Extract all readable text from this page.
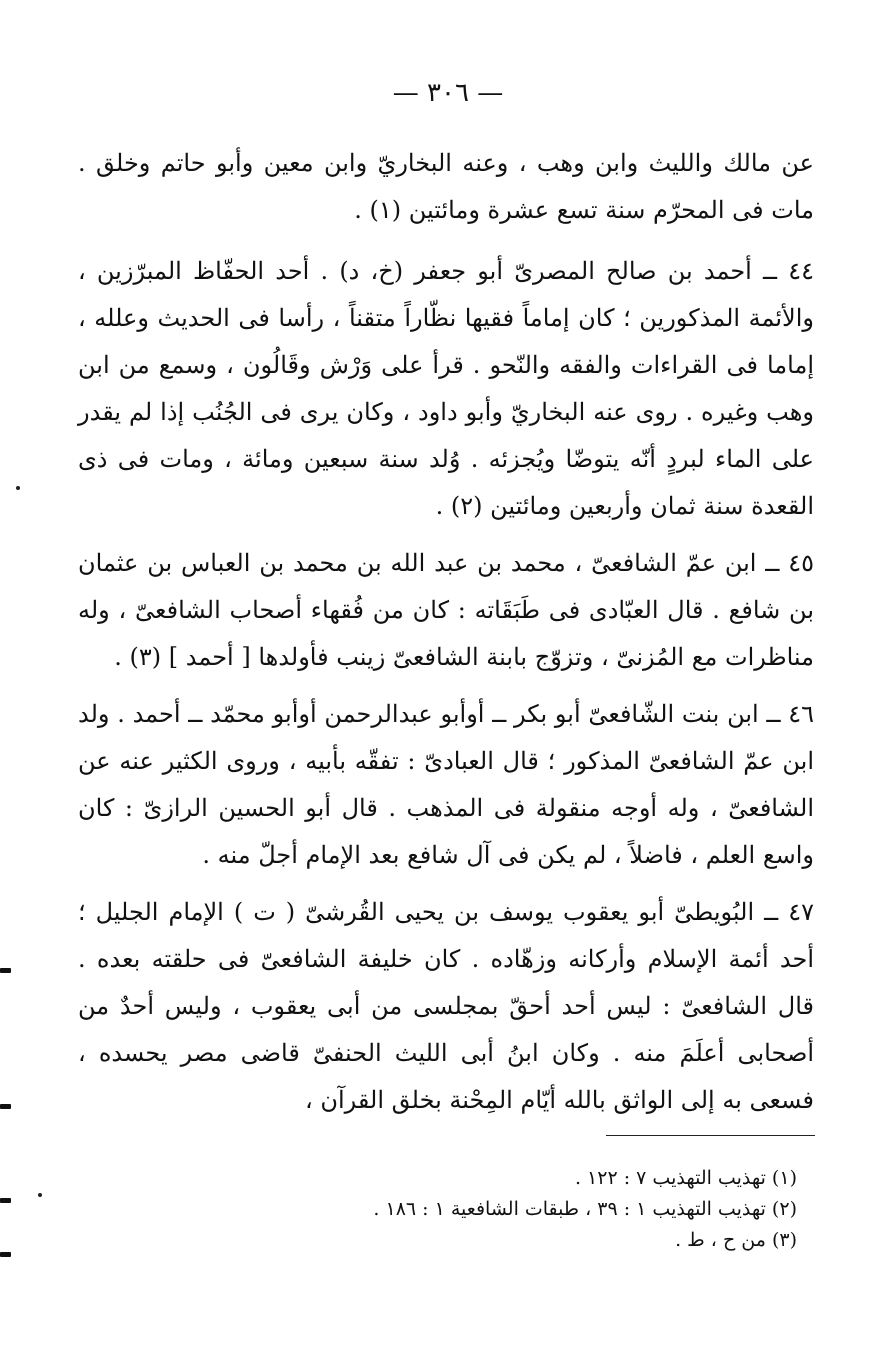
— ٣٠٦ —

عن مالك والليث وابن وهب ، وعنه البخاريّ وابن معين وأبو حاتم وخلق . مات فى المحرّم سنة تسع عشرة ومائتين (١) .

٤٤ ــ أحمد بن صالح المصرىّ أبو جعفر (خ، د) . أحد الحفّاظ المبرّزين ، والأئمة المذكورين ؛ كان إماماً فقيها نظّاراً متقناً ، رأسا فى الحديث وعلله ، إماما فى القراءات والفقه والنّحو . قرأ على وَرْش وقَالُون ، وسمع من ابن وهب وغيره . روى عنه البخاريّ وأبو داود ، وكان يرى فى الجُنُب إذا لم يقدر على الماء لبردٍ أنّه يتوضّا ويُجزئه . وُلد سنة سبعين ومائة ، ومات فى ذى القعدة سنة ثمان وأربعين ومائتين (٢) .

٤٥ ــ ابن عمّ الشافعىّ ، محمد بن عبد الله بن محمد بن العباس بن عثمان بن شافع . قال العبّادى فى طَبَقَاته : كان من فُقهاء أصحاب الشافعىّ ، وله مناظرات مع المُزنىّ ، وتزوّج بابنة الشافعىّ زينب فأولدها [ أحمد ] (٣) .

٤٦ ــ ابن بنت الشّافعىّ أبو بكر ــ أوأبو عبدالرحمن أوأبو محمّد ــ أحمد . ولد ابن عمّ الشافعىّ المذكور ؛ قال العبادىّ : تفقّه بأبيه ، وروى الكثير عنه عن الشافعىّ ، وله أوجه منقولة فى المذهب . قال أبو الحسين الرازىّ : كان واسع العلم ، فاضلاً ، لم يكن فى آل شافع بعد الإمام أجلّ منه .

٤٧ ــ البُويطىّ أبو يعقوب يوسف بن يحيى القُرشىّ ( ت ) الإمام الجليل ؛ أحد أئمة الإسلام وأركانه وزهّاده . كان خليفة الشافعىّ فى حلقته بعده . قال الشافعىّ : ليس أحد أحقّ بمجلسى من أبى يعقوب ، وليس أحدٌ من أصحابى أعلَمَ منه . وكان ابنُ أبى الليث الحنفىّ قاضى مصر يحسده ، فسعى به إلى الواثق بالله أيّام المِحْنة بخلق القرآن ،

(١) تهذيب التهذيب ٧ : ١٢٢ .

(٢) تهذيب التهذيب ١ : ٣٩ ، طبقات الشافعية ١ : ١٨٦ .

(٣) من ح ، ط .
